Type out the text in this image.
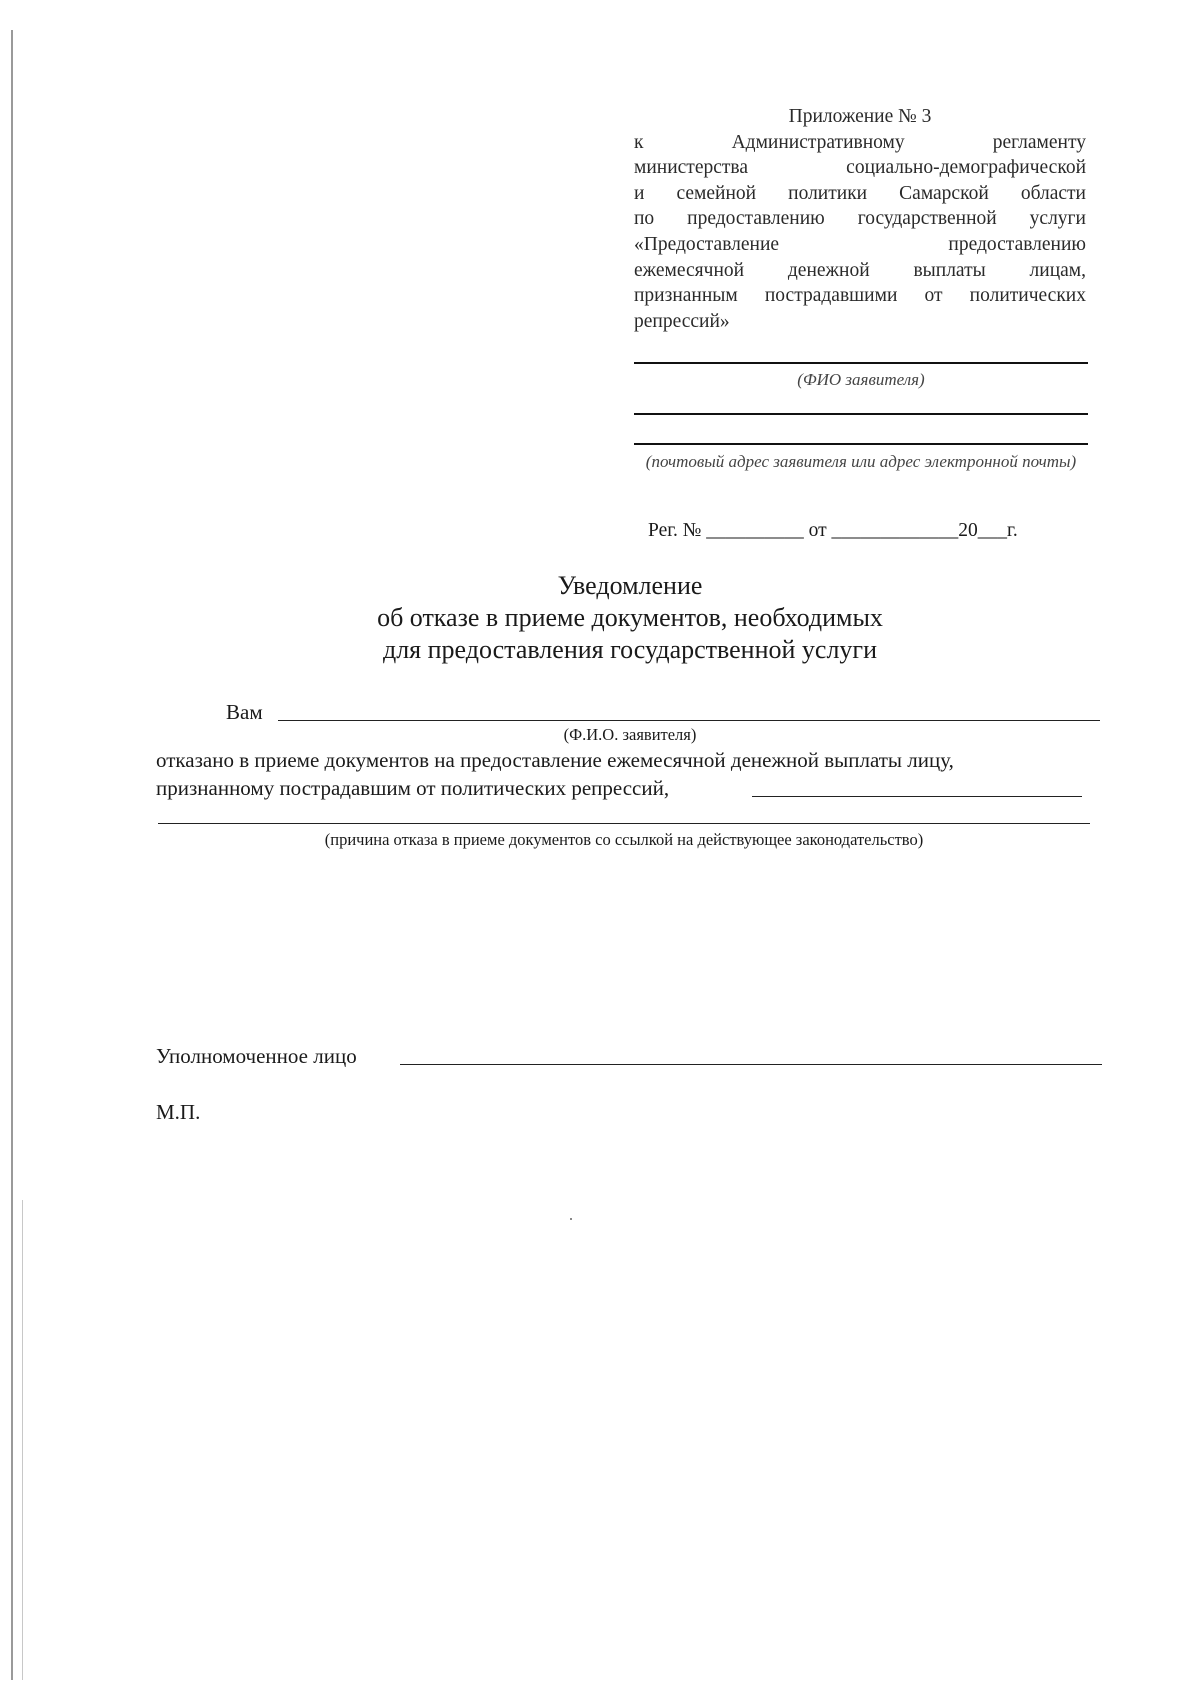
Приложение № 3
к Административному регламенту
министерства социально-демографической
и семейной политики Самарской области
по предоставлению государственной услуги
«Предоставление предоставлению
ежемесячной денежной выплаты лицам,
признанным пострадавшими от политических
репрессий»
(ФИО заявителя)
(почтовый адрес заявителя или адрес электронной почты)
Рег. № __________ от _____________20___г.
Уведомление
об отказе в приеме документов, необходимых
для предоставления государственной услуги
Вам
(Ф.И.О. заявителя)
отказано в приеме документов на предоставление ежемесячной денежной выплаты лицу,
признанному пострадавшим от политических репрессий,
(причина отказа в приеме документов со ссылкой на действующее законодательство)
Уполномоченное лицо
М.П.
